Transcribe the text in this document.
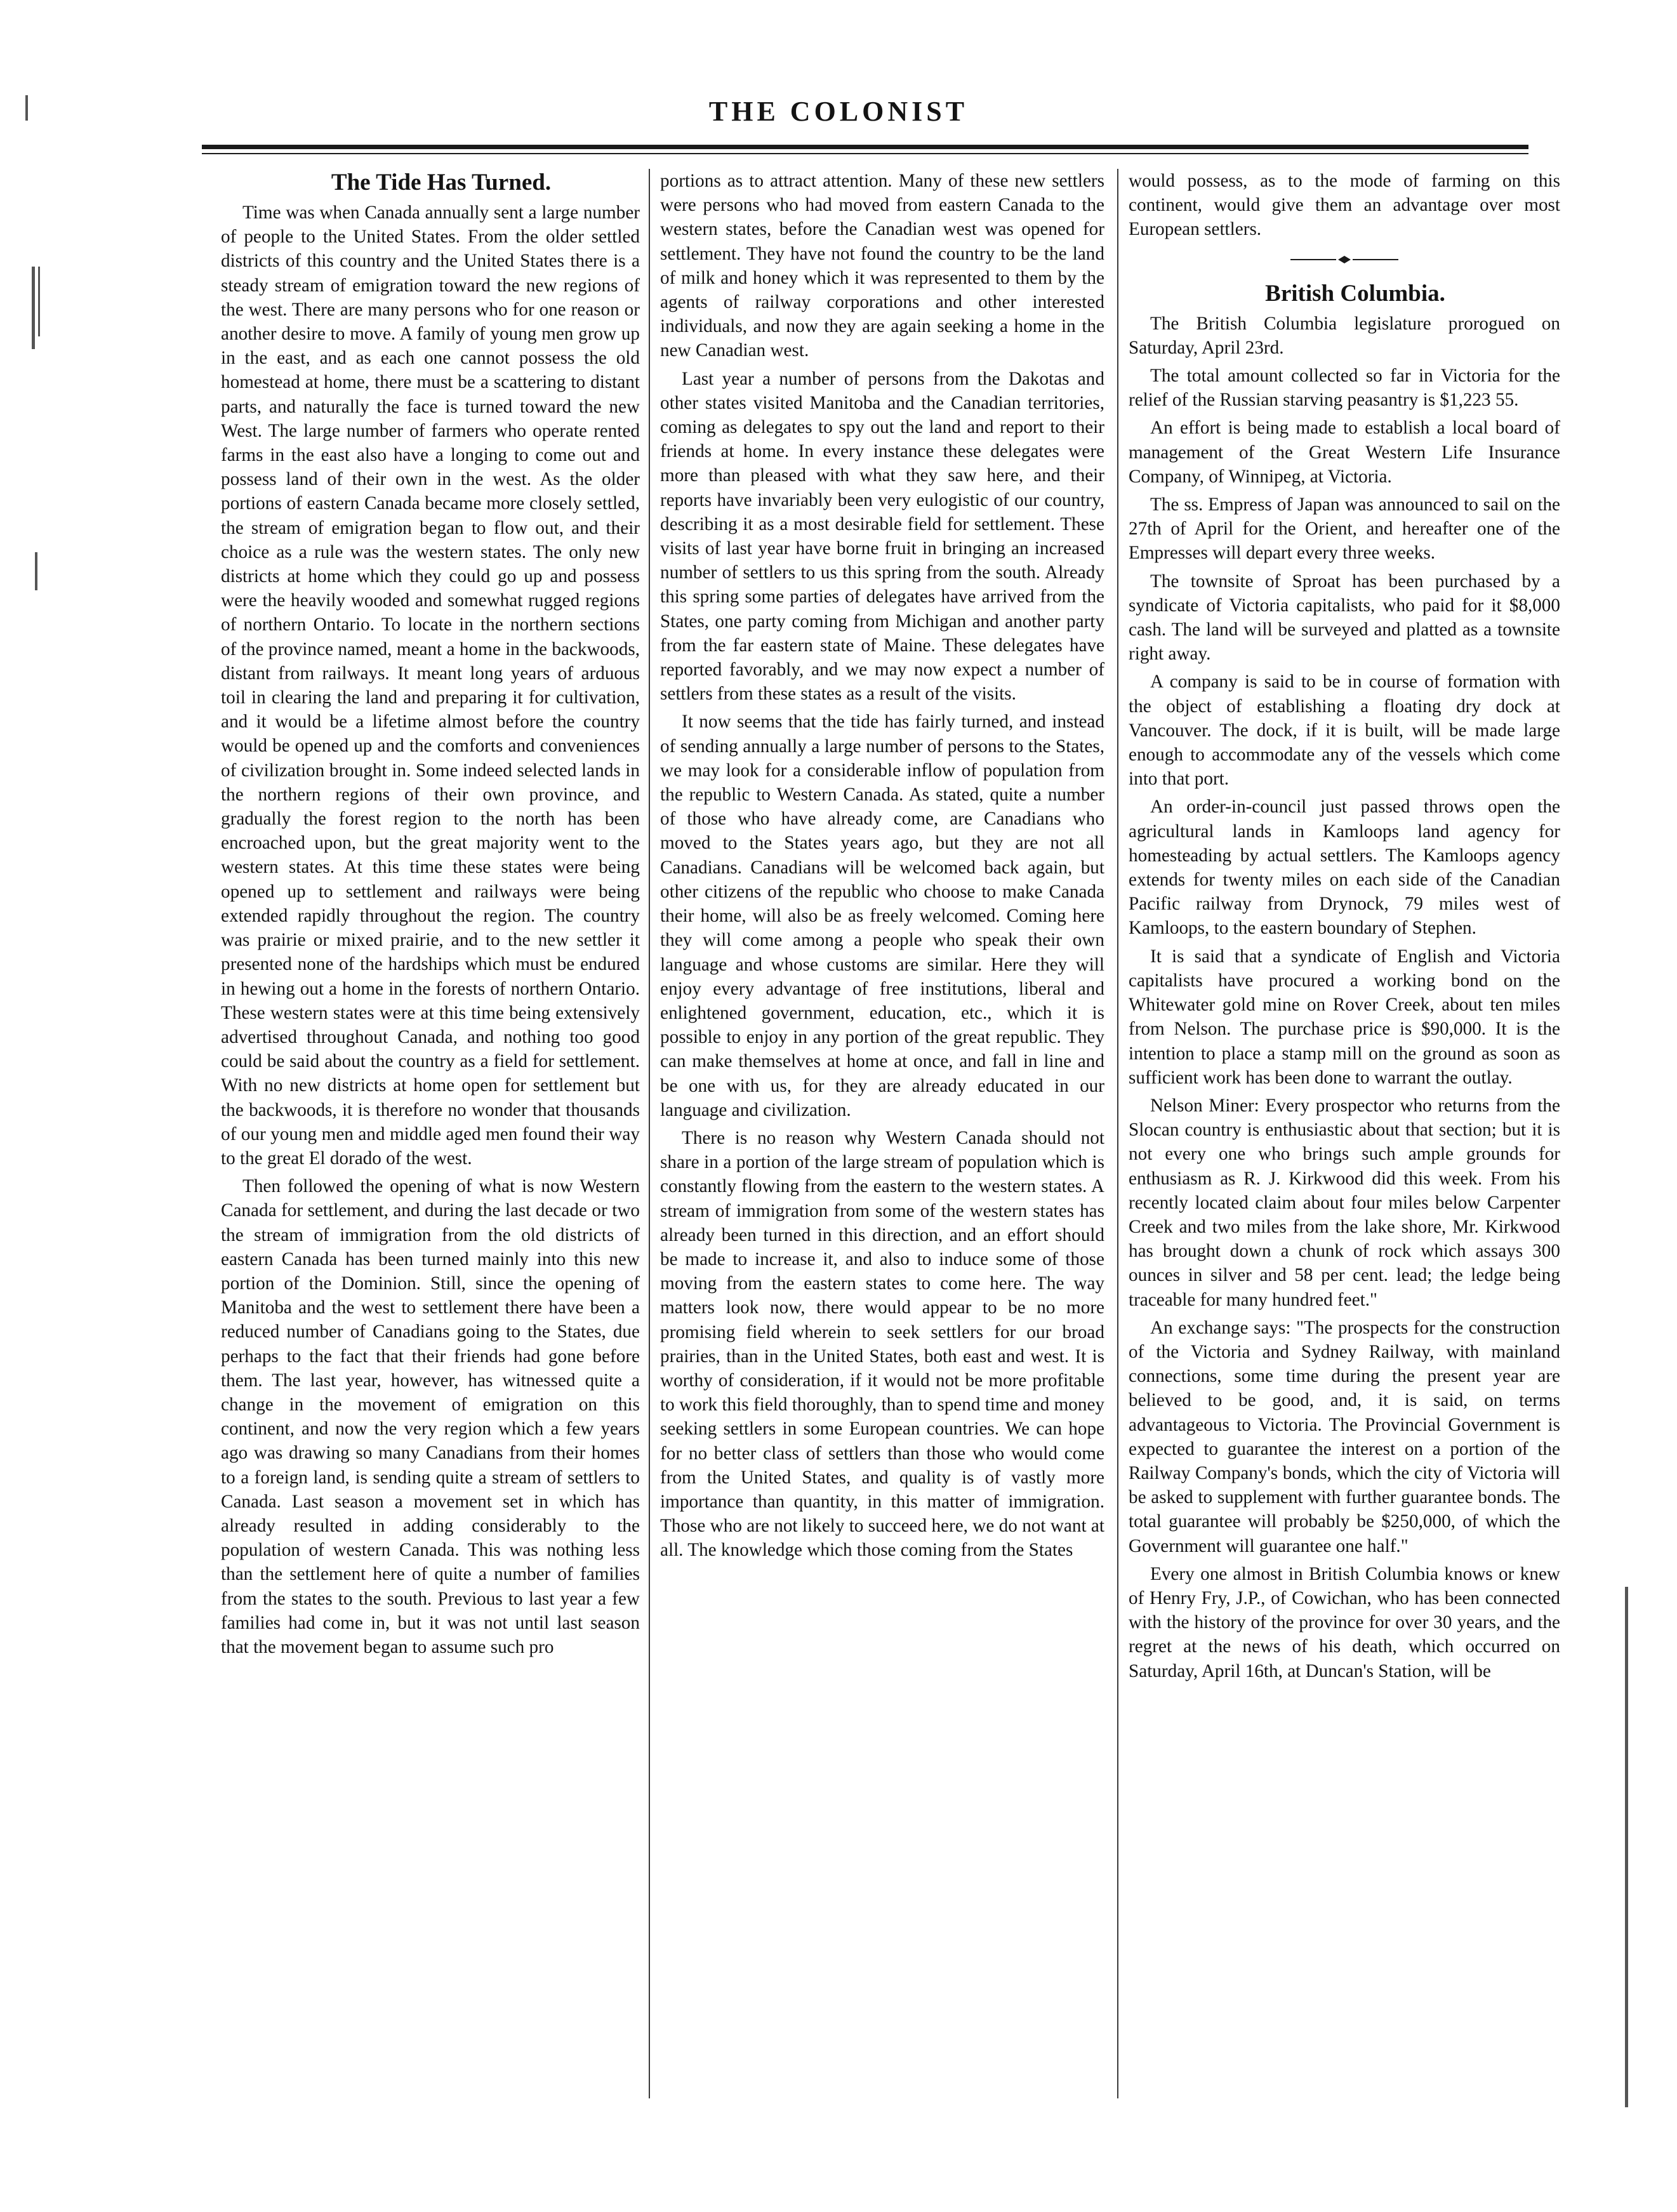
THE COLONIST

The Tide Has Turned.

Time was when Canada annually sent a large number of people to the United States. From the older settled districts of this country and the United States there is a steady stream of emigration toward the new regions of the west. There are many persons who for one reason or another desire to move. A family of young men grow up in the east, and as each one cannot possess the old homestead at home, there must be a scattering to distant parts, and naturally the face is turned toward the new West. The large number of farmers who operate rented farms in the east also have a longing to come out and possess land of their own in the west. As the older portions of eastern Canada became more closely settled, the stream of emigration began to flow out, and their choice as a rule was the western states. The only new districts at home which they could go up and possess were the heavily wooded and somewhat rugged regions of northern Ontario. To locate in the northern sections of the province named, meant a home in the backwoods, distant from railways. It meant long years of arduous toil in clearing the land and preparing it for cultivation, and it would be a lifetime almost before the country would be opened up and the comforts and conveniences of civilization brought in. Some indeed selected lands in the northern regions of their own province, and gradually the forest region to the north has been encroached upon, but the great majority went to the western states. At this time these states were being opened up to settlement and railways were being extended rapidly throughout the region. The country was prairie or mixed prairie, and to the new settler it presented none of the hardships which must be endured in hewing out a home in the forests of northern Ontario. These western states were at this time being extensively advertised throughout Canada, and nothing too good could be said about the country as a field for settlement. With no new districts at home open for settlement but the backwoods, it is therefore no wonder that thousands of our young men and middle aged men found their way to the great El dorado of the west.

Then followed the opening of what is now Western Canada for settlement, and during the last decade or two the stream of immigration from the old districts of eastern Canada has been turned mainly into this new portion of the Dominion. Still, since the opening of Manitoba and the west to settlement there have been a reduced number of Canadians going to the States, due perhaps to the fact that their friends had gone before them. The last year, however, has witnessed quite a change in the movement of emigration on this continent, and now the very region which a few years ago was drawing so many Canadians from their homes to a foreign land, is sending quite a stream of settlers to Canada. Last season a movement set in which has already resulted in adding considerably to the population of western Canada. This was nothing less than the settlement here of quite a number of families from the states to the south. Previous to last year a few families had come in, but it was not until last season that the movement began to assume such pro

portions as to attract attention. Many of these new settlers were persons who had moved from eastern Canada to the western states, before the Canadian west was opened for settlement. They have not found the country to be the land of milk and honey which it was represented to them by the agents of railway corporations and other interested individuals, and now they are again seeking a home in the new Canadian west.

Last year a number of persons from the Dakotas and other states visited Manitoba and the Canadian territories, coming as delegates to spy out the land and report to their friends at home. In every instance these delegates were more than pleased with what they saw here, and their reports have invariably been very eulogistic of our country, describing it as a most desirable field for settlement. These visits of last year have borne fruit in bringing an increased number of settlers to us this spring from the south. Already this spring some parties of delegates have arrived from the States, one party coming from Michigan and another party from the far eastern state of Maine. These delegates have reported favorably, and we may now expect a number of settlers from these states as a result of the visits.

It now seems that the tide has fairly turned, and instead of sending annually a large number of persons to the States, we may look for a considerable inflow of population from the republic to Western Canada. As stated, quite a number of those who have already come, are Canadians who moved to the States years ago, but they are not all Canadians. Canadians will be welcomed back again, but other citizens of the republic who choose to make Canada their home, will also be as freely welcomed. Coming here they will come among a people who speak their own language and whose customs are similar. Here they will enjoy every advantage of free institutions, liberal and enlightened government, education, etc., which it is possible to enjoy in any portion of the great republic. They can make themselves at home at once, and fall in line and be one with us, for they are already educated in our language and civilization.

There is no reason why Western Canada should not share in a portion of the large stream of population which is constantly flowing from the eastern to the western states. A stream of immigration from some of the western states has already been turned in this direction, and an effort should be made to increase it, and also to induce some of those moving from the eastern states to come here. The way matters look now, there would appear to be no more promising field wherein to seek settlers for our broad prairies, than in the United States, both east and west. It is worthy of consideration, if it would not be more profitable to work this field thoroughly, than to spend time and money seeking settlers in some European countries. We can hope for no better class of settlers than those who would come from the United States, and quality is of vastly more importance than quantity, in this matter of immigration. Those who are not likely to succeed here, we do not want at all. The knowledge which those coming from the States

would possess, as to the mode of farming on this continent, would give them an advantage over most European settlers.

British Columbia.

The British Columbia legislature prorogued on Saturday, April 23rd.

The total amount collected so far in Victoria for the relief of the Russian starving peasantry is $1,223 55.

An effort is being made to establish a local board of management of the Great Western Life Insurance Company, of Winnipeg, at Victoria.

The ss. Empress of Japan was announced to sail on the 27th of April for the Orient, and hereafter one of the Empresses will depart every three weeks.

The townsite of Sproat has been purchased by a syndicate of Victoria capitalists, who paid for it $8,000 cash. The land will be surveyed and platted as a townsite right away.

A company is said to be in course of formation with the object of establishing a floating dry dock at Vancouver. The dock, if it is built, will be made large enough to accommodate any of the vessels which come into that port.

An order-in-council just passed throws open the agricultural lands in Kamloops land agency for homesteading by actual settlers. The Kamloops agency extends for twenty miles on each side of the Canadian Pacific railway from Drynock, 79 miles west of Kamloops, to the eastern boundary of Stephen.

It is said that a syndicate of English and Victoria capitalists have procured a working bond on the Whitewater gold mine on Rover Creek, about ten miles from Nelson. The purchase price is $90,000. It is the intention to place a stamp mill on the ground as soon as sufficient work has been done to warrant the outlay.

Nelson Miner: Every prospector who returns from the Slocan country is enthusiastic about that section; but it is not every one who brings such ample grounds for enthusiasm as R. J. Kirkwood did this week. From his recently located claim about four miles below Carpenter Creek and two miles from the lake shore, Mr. Kirkwood has brought down a chunk of rock which assays 300 ounces in silver and 58 per cent. lead; the ledge being traceable for many hundred feet."

An exchange says: "The prospects for the construction of the Victoria and Sydney Railway, with mainland connections, some time during the present year are believed to be good, and, it is said, on terms advantageous to Victoria. The Provincial Government is expected to guarantee the interest on a portion of the Railway Company's bonds, which the city of Victoria will be asked to supplement with further guarantee bonds. The total guarantee will probably be $250,000, of which the Government will guarantee one half."

Every one almost in British Columbia knows or knew of Henry Fry, J.P., of Cowichan, who has been connected with the history of the province for over 30 years, and the regret at the news of his death, which occurred on Saturday, April 16th, at Duncan's Station, will be
